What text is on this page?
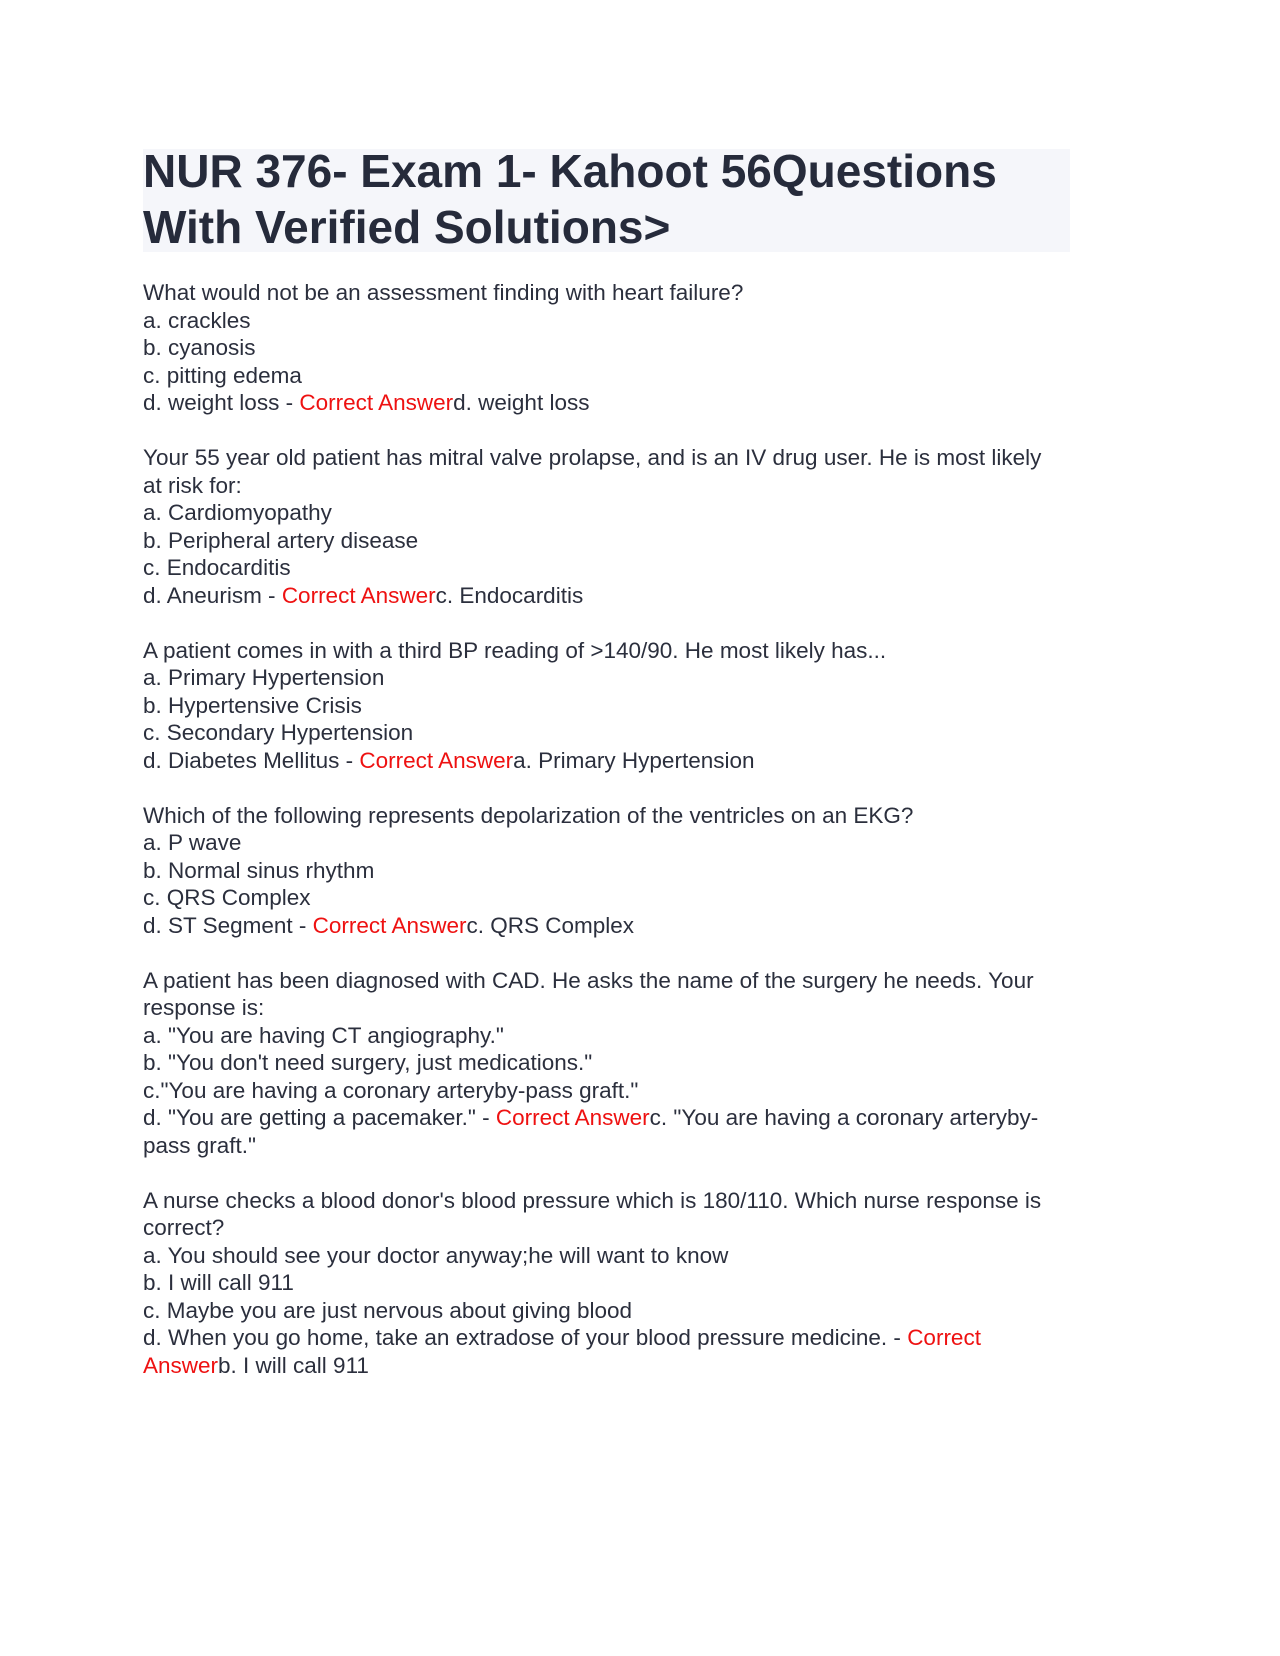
NUR 376- Exam 1- Kahoot 56Questions With Verified Solutions>
What would not be an assessment finding with heart failure?
a. crackles
b. cyanosis
c. pitting edema
d. weight loss - Correct Answerd. weight loss
Your 55 year old patient has mitral valve prolapse, and is an IV drug user. He is most likely at risk for:
a. Cardiomyopathy
b. Peripheral artery disease
c. Endocarditis
d. Aneurism - Correct Answerc. Endocarditis
A patient comes in with a third BP reading of >140/90. He most likely has...
a. Primary Hypertension
b. Hypertensive Crisis
c. Secondary Hypertension
d. Diabetes Mellitus - Correct Answera. Primary Hypertension
Which of the following represents depolarization of the ventricles on an EKG?
a. P wave
b. Normal sinus rhythm
c. QRS Complex
d. ST Segment - Correct Answerc. QRS Complex
A patient has been diagnosed with CAD. He asks the name of the surgery he needs. Your response is:
a. "You are having CT angiography."
b. "You don't need surgery, just medications."
c."You are having a coronary arteryby-pass graft."
d. "You are getting a pacemaker." - Correct Answerc. "You are having a coronary arteryby-pass graft."
A nurse checks a blood donor's blood pressure which is 180/110. Which nurse response is correct?
a. You should see your doctor anyway;he will want to know
b. I will call 911
c. Maybe you are just nervous about giving blood
d. When you go home, take an extradose of your blood pressure medicine. - Correct Answerb. I will call 911
